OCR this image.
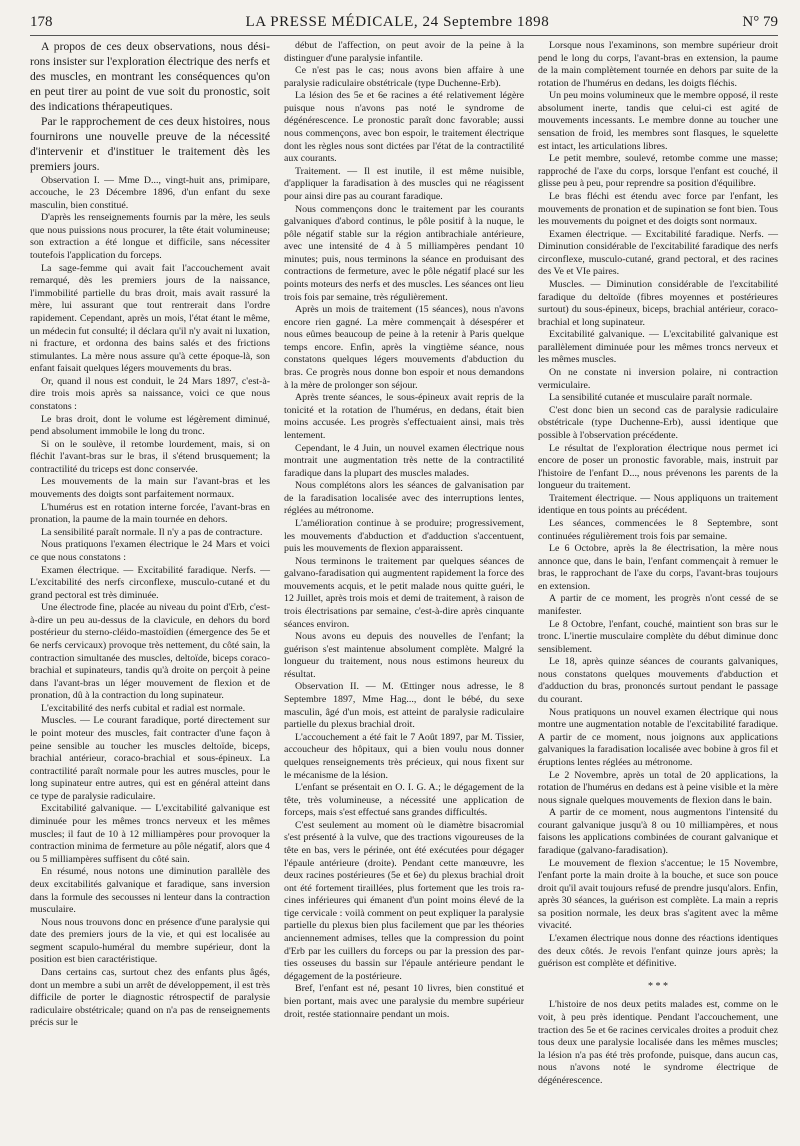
178	LA PRESSE MÉDICALE, 24 Septembre 1898	N° 79

A propos de ces deux observations, nous désirons insister sur l'exploration électrique des nerfs et des muscles, en montrant les conséquences qu'on en peut tirer au point de vue soit du pronostic, soit des indications thérapeutiques.

Par le rapprochement de ces deux histoires, nous fournirons une nouvelle preuve de la nécessité d'intervenir et d'instituer le traitement dès les premiers jours.

Observation I. — Mme D..., vingt-huit ans, primipare, accouche, le 23 Décembre 1896, d'un enfant du sexe masculin, bien constitué.

D'après les renseignements fournis par la mère, les seuls que nous puissions nous procurer, la tête était volumineuse; son extraction a été longue et difficile, sans nécessiter toutefois l'application du forceps.

La sage-femme qui avait fait l'accouchement avait remarqué, dès les premiers jours de la naissance, l'immobilité partielle du bras droit, mais avait rassuré la mère, lui assurant que tout rentrerait dans l'ordre rapidement. Cependant, après un mois, l'état étant le même, un médecin fut consulté; il déclara qu'il n'y avait ni luxation, ni fracture, et ordonna des bains salés et des frictions stimulantes. La mère nous assure qu'à cette époque-là, son enfant faisait quelques légers mouvements du bras.

Or, quand il nous est conduit, le 24 Mars 1897, c'est-à-dire trois mois après sa naissance, voici ce que nous constatons :

Le bras droit, dont le volume est légèrement diminué, pend absolument immobile le long du tronc.

Si on le soulève, il retombe lourdement, mais, si on fléchit l'avant-bras sur le bras, il s'étend brusquement; la contractilité du triceps est donc conservée.

Les mouvements de la main sur l'avant-bras et les mouvements des doigts sont parfaitement normaux.

L'humérus est en rotation interne forcée, l'avant-bras en pronation, la paume de la main tournée en dehors.

La sensibilité paraît normale. Il n'y a pas de contracture.

Nous pratiquons l'examen électrique le 24 Mars et voici ce que nous constatons :

Examen électrique. — Excitabilité faradique. Nerfs. — L'excitabilité des nerfs circonflexe, musculo-cutané et du grand pectoral est très diminuée.

Une électrode fine, placée au niveau du point d'Erb, c'est-à-dire un peu au-dessus de la clavicule, en dehors du bord postérieur du sterno-cléido-mastoïdien (émergence des 5e et 6e nerfs cervicaux) provoque très nettement, du côté sain, la contraction simultanée des muscles, deltoïde, biceps coraco-brachial et supinateurs, tandis qu'à droite on perçoit à peine dans l'avant-bras un léger mouvement de flexion et de pronation, dû à la contraction du long supinateur.

L'excitabilité des nerfs cubital et radial est normale.

Muscles. — Le courant faradique, porté directement sur le point moteur des muscles, fait contracter d'une façon à peine sensible au toucher les muscles deltoïde, biceps, brachial antérieur, coraco-brachial et sous-épineux. La contractilité paraît normale pour les autres muscles, pour le long supinateur entre autres, qui est en général atteint dans ce type de paralysie radiculaire.

Excitabilité galvanique. — L'excitabilité galvanique est diminuée pour les mêmes troncs nerveux et les mêmes muscles; il faut de 10 à 12 milliampères pour provoquer la contraction minima de fermeture au pôle négatif, alors que 4 ou 5 milliampères suffisent du côté sain.

En résumé, nous notons une diminution parallèle des deux excitabilités galvanique et faradique, sans inversion dans la formule des secousses ni lenteur dans la contraction musculaire.

Nous nous trouvons donc en présence d'une paralysie qui date des premiers jours de la vie, et qui est localisée au segment scapulo-huméral du membre supérieur, dont la position est bien caractéristique.

Dans certains cas, surtout chez des enfants plus âgés, dont un membre a subi un arrêt de développement, il est très difficile de porter le diagnostic rétrospectif de paralysie radiculaire obstétricale; quand on n'a pas de renseignements précis sur le

début de l'affection, on peut avoir de la peine à la distinguer d'une paralysie infantile.

Ce n'est pas le cas; nous avons bien affaire à une paralysie radiculaire obstétricale (type Duchenne-Erb).

La lésion des 5e et 6e racines a été relativement légère puisque nous n'avons pas noté le syndrome de dégénérescence. Le pronostic paraît donc favorable; aussi nous commençons, avec bon espoir, le traitement électrique dont les règles nous sont dictées par l'état de la contractilité aux courants.

Traitement. — Il est inutile, il est même nuisible, d'appliquer la faradisation à des muscles qui ne réagissent pour ainsi dire pas au courant faradique.

Nous commençons donc le traitement par les courants galvaniques d'abord continus, le pôle positif à la nuque, le pôle négatif stable sur la région antibrachiale antérieure, avec une intensité de 4 à 5 milliampères pendant 10 minutes; puis, nous terminons la séance en produisant des contractions de fermeture, avec le pôle négatif placé sur les points moteurs des nerfs et des muscles. Les séances ont lieu trois fois par semaine, très régulièrement.

Après un mois de traitement (15 séances), nous n'avons encore rien gagné. La mère commençait à désespérer et nous eûmes beaucoup de peine à la retenir à Paris quelque temps encore. Enfin, après la vingtième séance, nous constatons quelques légers mouvements d'abduction du bras. Ce progrès nous donne bon espoir et nous demandons à la mère de prolonger son séjour.

Après trente séances, le sous-épineux avait repris de la tonicité et la rotation de l'humérus, en dedans, était bien moins accusée. Les progrès s'effectuaient ainsi, mais très lentement.

Cependant, le 4 Juin, un nouvel examen électrique nous montrait une augmentation très nette de la contractilité faradique dans la plupart des muscles malades.

Nous complétons alors les séances de galvanisation par de la faradisation localisée avec des interruptions lentes, réglées au métronome.

L'amélioration continue à se produire; progressivement, les mouvements d'abduction et d'adduction s'accentuent, puis les mouvements de flexion apparaissent.

Nous terminons le traitement par quelques séances de galvano-faradisation qui augmentent rapidement la force des mouvements acquis, et le petit malade nous quitte guéri, le 12 Juillet, après trois mois et demi de traitement, à raison de trois électrisations par semaine, c'est-à-dire après cinquante séances environ.

Nous avons eu depuis des nouvelles de l'enfant; la guérison s'est maintenue absolument complète. Malgré la longueur du traitement, nous nous estimons heureux du résultat.

Observation II. — M. Œttinger nous adresse, le 8 Septembre 1897, Mme Hag..., dont le bébé, du sexe masculin, âgé d'un mois, est atteint de paralysie radiculaire partielle du plexus brachial droit.

L'accouchement a été fait le 7 Août 1897, par M. Tissier, accoucheur des hôpitaux, qui a bien voulu nous donner quelques renseignements très précieux, qui nous fixent sur le mécanisme de la lésion.

L'enfant se présentait en O. I. G. A.; le dégagement de la tête, très volumineuse, a nécessité une application de forceps, mais s'est effectué sans grandes difficultés.

C'est seulement au moment où le diamètre bisacromial s'est présenté à la vulve, que des tractions vigoureuses de la tête en bas, vers le périnée, ont été exécutées pour dégager l'épaule antérieure (droite). Pendant cette manœuvre, les deux racines postérieures (5e et 6e) du plexus brachial droit ont été fortement tiraillées, plus fortement que les trois racines inférieures qui émanent d'un point moins élevé de la tige cervicale : voilà comment on peut expliquer la paralysie partielle du plexus bien plus facilement que par les théories anciennement admises, telles que la compression du point d'Erb par les cuillers du forceps ou par la pression des parties osseuses du bassin sur l'épaule antérieure pendant le dégagement de la postérieure.

Bref, l'enfant est né, pesant 10 livres, bien constitué et bien portant, mais avec une paralysie du membre supérieur droit, restée stationnaire pendant un mois.

Lorsque nous l'examinons, son membre supérieur droit pend le long du corps, l'avant-bras en extension, la paume de la main complètement tournée en dehors par suite de la rotation de l'humérus en dedans, les doigts fléchis.

Un peu moins volumineux que le membre opposé, il reste absolument inerte, tandis que celui-ci est agité de mouvements incessants. Le membre donne au toucher une sensation de froid, les membres sont flasques, le squelette est intact, les articulations libres.

Le petit membre, soulevé, retombe comme une masse; rapproché de l'axe du corps, lorsque l'enfant est couché, il glisse peu à peu, pour reprendre sa position d'équilibre.

Le bras fléchi est étendu avec force par l'enfant, les mouvements de pronation et de supination se font bien. Tous les mouvements du poignet et des doigts sont normaux.

Examen électrique. — Excitabilité faradique. Nerfs. — Diminution considérable de l'excitabilité faradique des nerfs circonflexe, musculo-cutané, grand pectoral, et des racines des Ve et VIe paires.

Muscles. — Diminution considérable de l'excitabilité faradique du deltoïde (fibres moyennes et postérieures surtout) du sous-épineux, biceps, brachial antérieur, coraco-brachial et long supinateur.

Excitabilité galvanique. — L'excitabilité galvanique est parallèlement diminuée pour les mêmes troncs nerveux et les mêmes muscles.

On ne constate ni inversion polaire, ni contraction vermiculaire.

La sensibilité cutanée et musculaire paraît normale.

C'est donc bien un second cas de paralysie radiculaire obstétricale (type Duchenne-Erb), aussi identique que possible à l'observation précédente.

Le résultat de l'exploration électrique nous permet ici encore de poser un pronostic favorable, mais, instruit par l'histoire de l'enfant D..., nous prévenons les parents de la longueur du traitement.

Traitement électrique. — Nous appliquons un traitement identique en tous points au précédent.

Les séances, commencées le 8 Septembre, sont continuées régulièrement trois fois par semaine.

Le 6 Octobre, après la 8e électrisation, la mère nous annonce que, dans le bain, l'enfant commençait à remuer le bras, le rapprochant de l'axe du corps, l'avant-bras toujours en extension.

A partir de ce moment, les progrès n'ont cessé de se manifester.

Le 8 Octobre, l'enfant, couché, maintient son bras sur le tronc. L'inertie musculaire complète du début diminue donc sensiblement.

Le 18, après quinze séances de courants galvaniques, nous constatons quelques mouvements d'abduction et d'adduction du bras, prononcés surtout pendant le passage du courant.

Nous pratiquons un nouvel examen électrique qui nous montre une augmentation notable de l'excitabilité faradique. A partir de ce moment, nous joignons aux applications galvaniques la faradisation localisée avec bobine à gros fil et éruptions lentes réglées au métronome.

Le 2 Novembre, après un total de 20 applications, la rotation de l'humérus en dedans est à peine visible et la mère nous signale quelques mouvements de flexion dans le bain.

A partir de ce moment, nous augmentons l'intensité du courant galvanique jusqu'à 8 ou 10 milliampères, et nous faisons les applications combinées de courant galvanique et faradique (galvano-faradisation).

Le mouvement de flexion s'accentue; le 15 Novembre, l'enfant porte la main droite à la bouche, et suce son pouce droit qu'il avait toujours refusé de prendre jusqu'alors. Enfin, après 30 séances, la guérison est complète. La main a repris sa position normale, les deux bras s'agitent avec la même vivacité.

L'examen électrique nous donne des réactions identiques des deux côtés. Je revois l'enfant quinze jours après; la guérison est complète et définitive.

* * *

L'histoire de nos deux petits malades est, comme on le voit, à peu près identique. Pendant l'accouchement, une traction des 5e et 6e racines cervicales droites a produit chez tous deux une paralysie localisée dans les mêmes muscles; la lésion n'a pas été très profonde, puisque, dans aucun cas, nous n'avons noté le syndrome électrique de dégénérescence.
